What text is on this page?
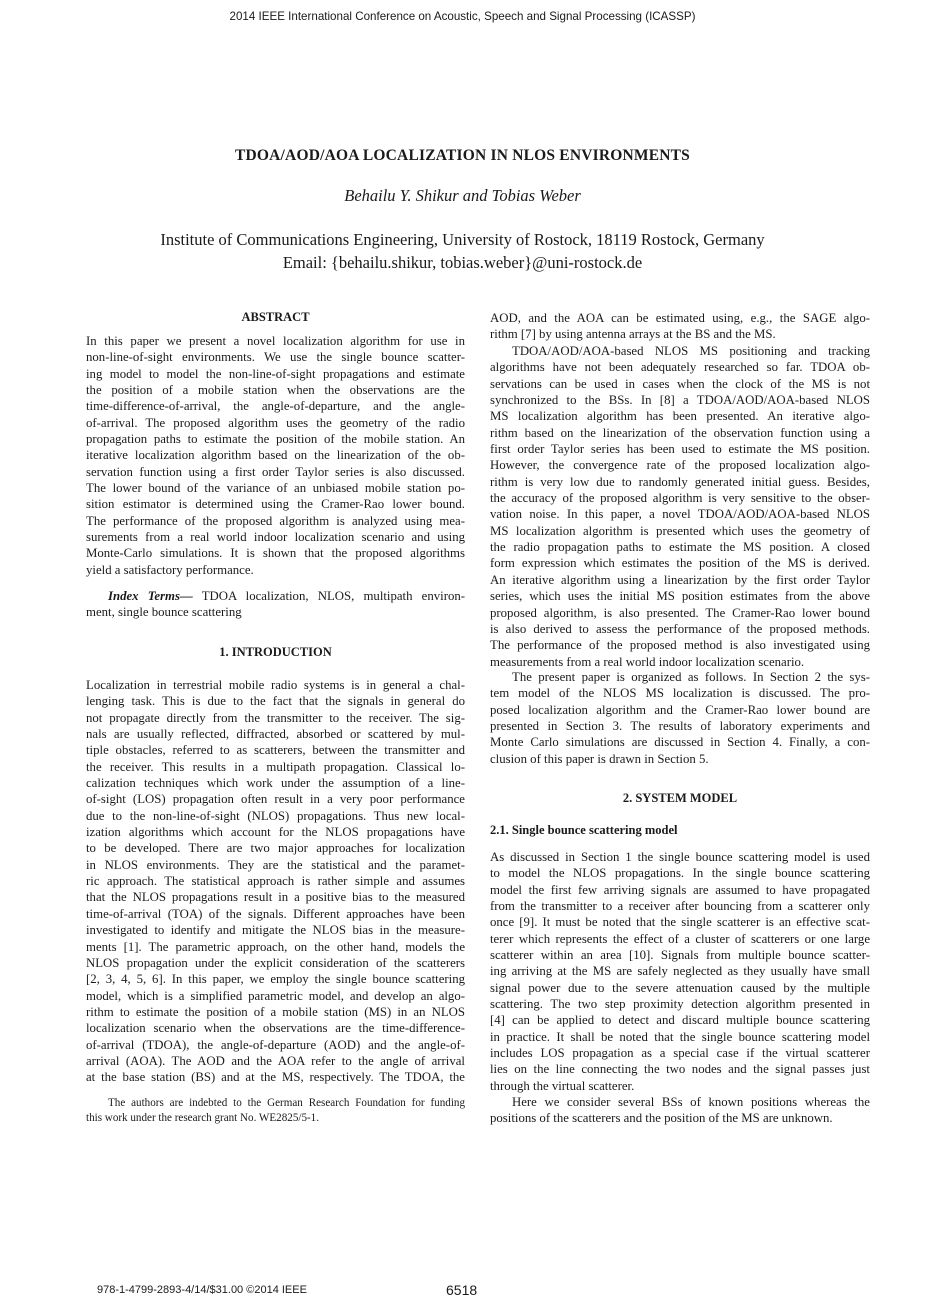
2014 IEEE International Conference on Acoustic, Speech and Signal Processing (ICASSP)
TDOA/AOD/AOA LOCALIZATION IN NLOS ENVIRONMENTS
Behailu Y. Shikur and Tobias Weber
Institute of Communications Engineering, University of Rostock, 18119 Rostock, Germany
Email: {behailu.shikur, tobias.weber}@uni-rostock.de
ABSTRACT
In this paper we present a novel localization algorithm for use in
non-line-of-sight environments. We use the single bounce scatter-
ing model to model the non-line-of-sight propagations and estimate
the position of a mobile station when the observations are the
time-difference-of-arrival, the angle-of-departure, and the angle-
of-arrival. The proposed algorithm uses the geometry of the radio
propagation paths to estimate the position of the mobile station. An
iterative localization algorithm based on the linearization of the ob-
servation function using a first order Taylor series is also discussed.
The lower bound of the variance of an unbiased mobile station po-
sition estimator is determined using the Cramer-Rao lower bound.
The performance of the proposed algorithm is analyzed using mea-
surements from a real world indoor localization scenario and using
Monte-Carlo simulations. It is shown that the proposed algorithms
yield a satisfactory performance.
Index Terms— TDOA localization, NLOS, multipath environ-
ment, single bounce scattering
1. INTRODUCTION
Localization in terrestrial mobile radio systems is in general a chal-
lenging task. This is due to the fact that the signals in general do
not propagate directly from the transmitter to the receiver. The sig-
nals are usually reflected, diffracted, absorbed or scattered by mul-
tiple obstacles, referred to as scatterers, between the transmitter and
the receiver. This results in a multipath propagation. Classical lo-
calization techniques which work under the assumption of a line-
of-sight (LOS) propagation often result in a very poor performance
due to the non-line-of-sight (NLOS) propagations. Thus new local-
ization algorithms which account for the NLOS propagations have
to be developed. There are two major approaches for localization
in NLOS environments. They are the statistical and the paramet-
ric approach. The statistical approach is rather simple and assumes
that the NLOS propagations result in a positive bias to the measured
time-of-arrival (TOA) of the signals. Different approaches have been
investigated to identify and mitigate the NLOS bias in the measure-
ments [1]. The parametric approach, on the other hand, models the
NLOS propagation under the explicit consideration of the scatterers
[2, 3, 4, 5, 6]. In this paper, we employ the single bounce scattering
model, which is a simplified parametric model, and develop an algo-
rithm to estimate the position of a mobile station (MS) in an NLOS
localization scenario when the observations are the time-difference-
of-arrival (TDOA), the angle-of-departure (AOD) and the angle-of-
arrival (AOA). The AOD and the AOA refer to the angle of arrival
at the base station (BS) and at the MS, respectively. The TDOA, the
The authors are indebted to the German Research Foundation for funding
this work under the research grant No. WE2825/5-1.
AOD, and the AOA can be estimated using, e.g., the SAGE algo-
rithm [7] by using antenna arrays at the BS and the MS.
TDOA/AOD/AOA-based NLOS MS positioning and tracking
algorithms have not been adequately researched so far. TDOA ob-
servations can be used in cases when the clock of the MS is not
synchronized to the BSs. In [8] a TDOA/AOD/AOA-based NLOS
MS localization algorithm has been presented. An iterative algo-
rithm based on the linearization of the observation function using a
first order Taylor series has been used to estimate the MS position.
However, the convergence rate of the proposed localization algo-
rithm is very low due to randomly generated initial guess. Besides,
the accuracy of the proposed algorithm is very sensitive to the obser-
vation noise. In this paper, a novel TDOA/AOD/AOA-based NLOS
MS localization algorithm is presented which uses the geometry of
the radio propagation paths to estimate the MS position. A closed
form expression which estimates the position of the MS is derived.
An iterative algorithm using a linearization by the first order Taylor
series, which uses the initial MS position estimates from the above
proposed algorithm, is also presented. The Cramer-Rao lower bound
is also derived to assess the performance of the proposed methods.
The performance of the proposed method is also investigated using
measurements from a real world indoor localization scenario.
The present paper is organized as follows. In Section 2 the sys-
tem model of the NLOS MS localization is discussed. The pro-
posed localization algorithm and the Cramer-Rao lower bound are
presented in Section 3. The results of laboratory experiments and
Monte Carlo simulations are discussed in Section 4. Finally, a con-
clusion of this paper is drawn in Section 5.
2. SYSTEM MODEL
2.1. Single bounce scattering model
As discussed in Section 1 the single bounce scattering model is used
to model the NLOS propagations. In the single bounce scattering
model the first few arriving signals are assumed to have propagated
from the transmitter to a receiver after bouncing from a scatterer only
once [9]. It must be noted that the single scatterer is an effective scat-
terer which represents the effect of a cluster of scatterers or one large
scatterer within an area [10]. Signals from multiple bounce scatter-
ing arriving at the MS are safely neglected as they usually have small
signal power due to the severe attenuation caused by the multiple
scattering. The two step proximity detection algorithm presented in
[4] can be applied to detect and discard multiple bounce scattering
in practice. It shall be noted that the single bounce scattering model
includes LOS propagation as a special case if the virtual scatterer
lies on the line connecting the two nodes and the signal passes just
through the virtual scatterer.
Here we consider several BSs of known positions whereas the
positions of the scatterers and the position of the MS are unknown.
978-1-4799-2893-4/14/$31.00 ©2014 IEEE	6518
